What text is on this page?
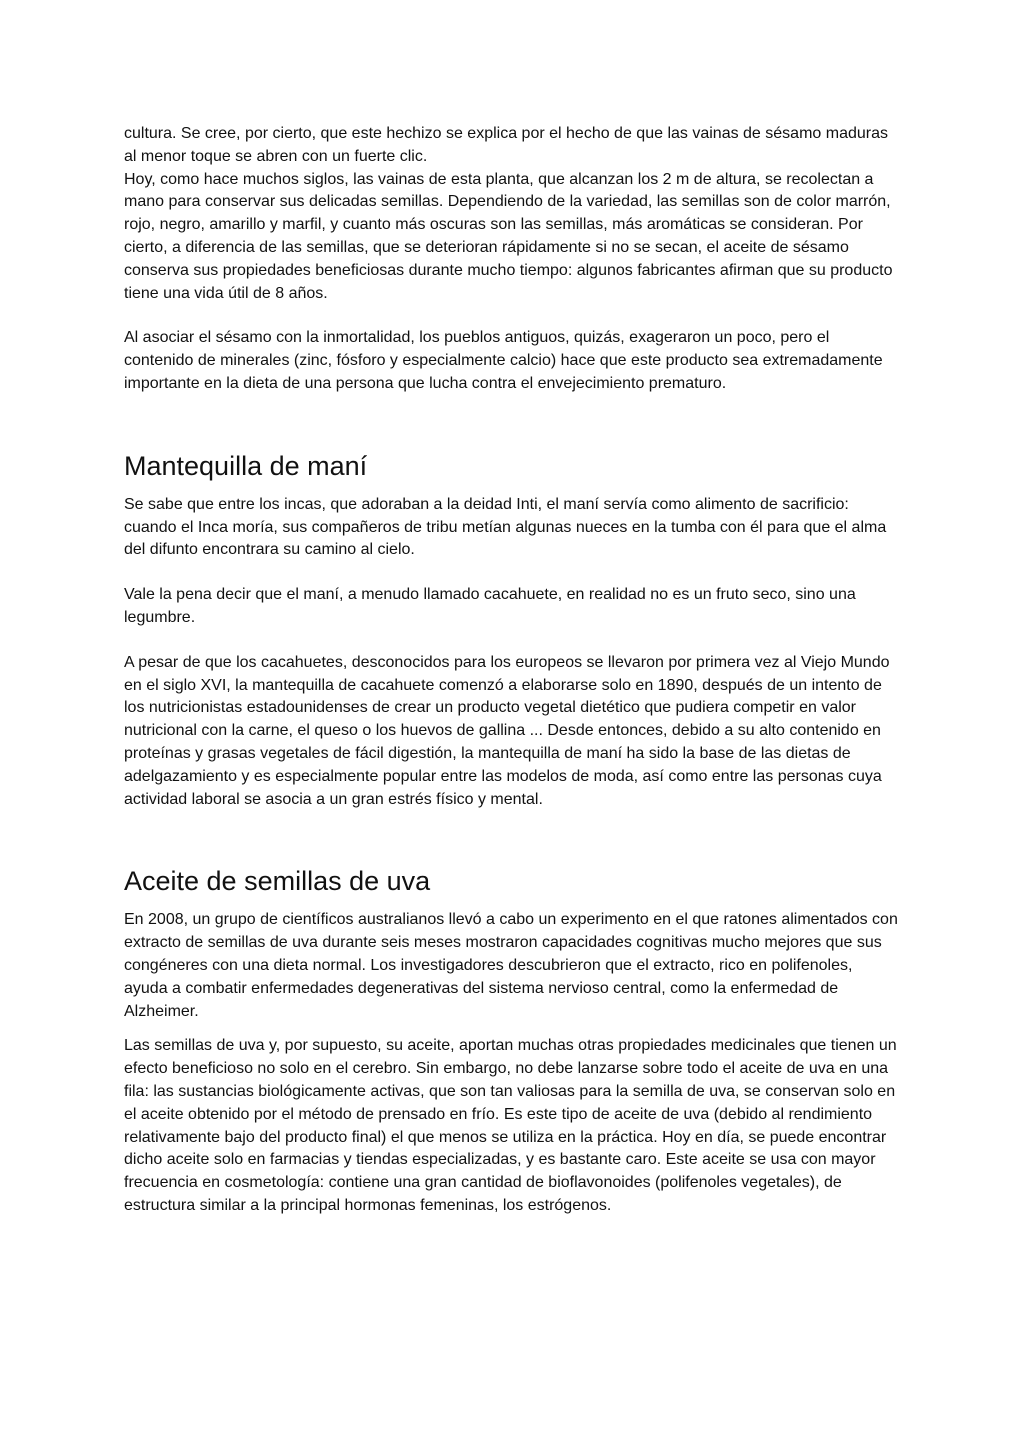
cultura. Se cree, por cierto, que este hechizo se explica por el hecho de que las vainas de sésamo maduras al menor toque se abren con un fuerte clic.

Hoy, como hace muchos siglos, las vainas de esta planta, que alcanzan los 2 m de altura, se recolectan a mano para conservar sus delicadas semillas. Dependiendo de la variedad, las semillas son de color marrón, rojo, negro, amarillo y marfil, y cuanto más oscuras son las semillas, más aromáticas se consideran. Por cierto, a diferencia de las semillas, que se deterioran rápidamente si no se secan, el aceite de sésamo conserva sus propiedades beneficiosas durante mucho tiempo: algunos fabricantes afirman que su producto tiene una vida útil de 8 años.

Al asociar el sésamo con la inmortalidad, los pueblos antiguos, quizás, exageraron un poco, pero el contenido de minerales (zinc, fósforo y especialmente calcio) hace que este producto sea extremadamente importante en la dieta de una persona que lucha contra el envejecimiento prematuro.

Mantequilla de maní

Se sabe que entre los incas, que adoraban a la deidad Inti, el maní servía como alimento de sacrificio: cuando el Inca moría, sus compañeros de tribu metían algunas nueces en la tumba con él para que el alma del difunto encontrara su camino al cielo.

Vale la pena decir que el maní, a menudo llamado cacahuete, en realidad no es un fruto seco, sino una legumbre.

A pesar de que los cacahuetes, desconocidos para los europeos se llevaron por primera vez al Viejo Mundo en el siglo XVI, la mantequilla de cacahuete comenzó a elaborarse solo en 1890, después de un intento de los nutricionistas estadounidenses de crear un producto vegetal dietético que pudiera competir en valor nutricional con la carne, el queso o los huevos de gallina ... Desde entonces, debido a su alto contenido en proteínas y grasas vegetales de fácil digestión, la mantequilla de maní ha sido la base de las dietas de adelgazamiento y es especialmente popular entre las modelos de moda, así como entre las personas cuya actividad laboral se asocia a un gran estrés físico y mental.

Aceite de semillas de uva

En 2008, un grupo de científicos australianos llevó a cabo un experimento en el que ratones alimentados con extracto de semillas de uva durante seis meses mostraron capacidades cognitivas mucho mejores que sus congéneres con una dieta normal. Los investigadores descubrieron que el extracto, rico en polifenoles, ayuda a combatir enfermedades degenerativas del sistema nervioso central, como la enfermedad de Alzheimer.

Las semillas de uva y, por supuesto, su aceite, aportan muchas otras propiedades medicinales que tienen un efecto beneficioso no solo en el cerebro. Sin embargo, no debe lanzarse sobre todo el aceite de uva en una fila: las sustancias biológicamente activas, que son tan valiosas para la semilla de uva, se conservan solo en el aceite obtenido por el método de prensado en frío. Es este tipo de aceite de uva (debido al rendimiento relativamente bajo del producto final) el que menos se utiliza en la práctica. Hoy en día, se puede encontrar dicho aceite solo en farmacias y tiendas especializadas, y es bastante caro. Este aceite se usa con mayor frecuencia en cosmetología: contiene una gran cantidad de bioflavonoides (polifenoles vegetales), de estructura similar a la principal hormonas femeninas, los estrógenos.
